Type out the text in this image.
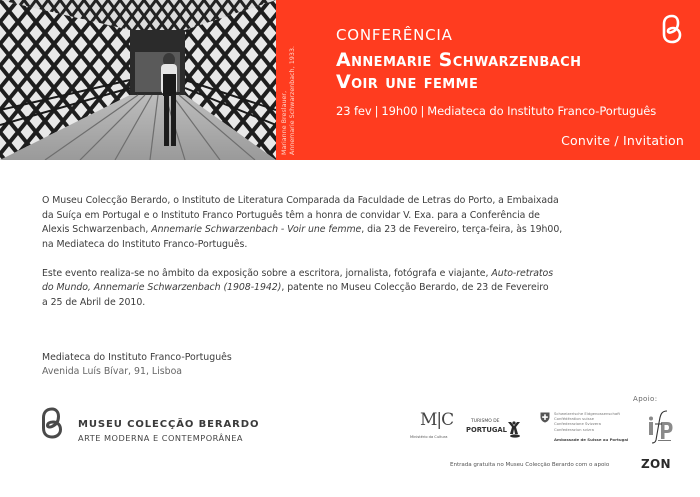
Marianne Breslauer, Annemarie Schwarzenbach, 1933.
CONFERÊNCIA
Annemarie Schwarzenbach
Voir une femme
23 fev | 19h00 | Mediateca do Instituto Franco-Português
Convite / Invitation

O Museu Colecção Berardo, o Instituto de Literatura Comparada da Faculdade de Letras do Porto, a Embaixada
da Suíça em Portugal e o Instituto Franco Português têm a honra de convidar V. Exa. para a Conferência de
Alexis Schwarzenbach, Annemarie Schwarzenbach - Voir une femme, dia 23 de Fevereiro, terça-feira, às 19h00,
na Mediateca do Instituto Franco-Português.

Este evento realiza-se no âmbito da exposição sobre a escritora, jornalista, fotógrafa e viajante, Auto-retratos
do Mundo, Annemarie Schwarzenbach (1908-1942), patente no Museu Colecção Berardo, de 23 de Fevereiro
a 25 de Abril de 2010.

Mediateca do Instituto Franco-Português
Avenida Luís Bívar, 91, Lisboa
MUSEU COLECÇÃO BERARDO
ARTE MODERNA E CONTEMPORÂNEA
M|C
Ministério da Cultura
TURISMO DE
PORTUGAL
Schweizerische Eidgenossenschaft
Confédération suisse
Confederazione Svizzera
Confederaziun svizra
Ambassade de Suisse au Portugal
Apoio:
Entrada gratuita no Museu Colecção Berardo com o apoio	ZON
